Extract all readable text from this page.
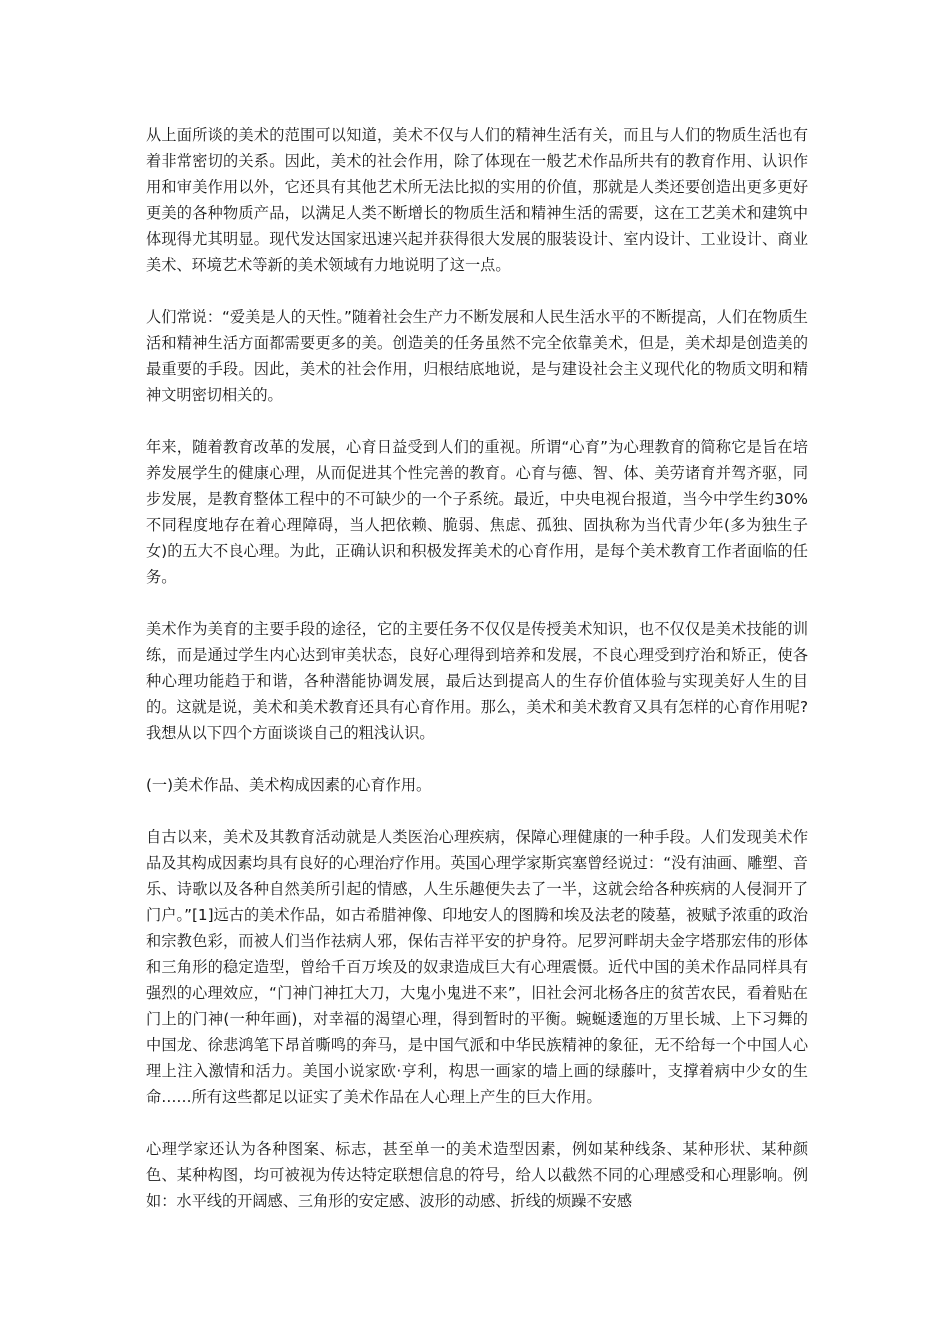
从上面所谈的美术的范围可以知道，美术不仅与人们的精神生活有关，而且与人们的物质生活也有着非常密切的关系。因此，美术的社会作用，除了体现在一般艺术作品所共有的教育作用、认识作用和审美作用以外，它还具有其他艺术所无法比拟的实用的价值，那就是人类还要创造出更多更好更美的各种物质产品，以满足人类不断增长的物质生活和精神生活的需要，这在工艺美术和建筑中体现得尤其明显。现代发达国家迅速兴起并获得很大发展的服装设计、室内设计、工业设计、商业美术、环境艺术等新的美术领域有力地说明了这一点。

人们常说：“爱美是人的天性。”随着社会生产力不断发展和人民生活水平的不断提高，人们在物质生活和精神生活方面都需要更多的美。创造美的任务虽然不完全依靠美术，但是，美术却是创造美的最重要的手段。因此，美术的社会作用，归根结底地说，是与建设社会主义现代化的物质文明和精神文明密切相关的。

年来，随着教育改革的发展，心育日益受到人们的重视。所谓“心育”为心理教育的简称它是旨在培养发展学生的健康心理，从而促进其个性完善的教育。心育与德、智、体、美劳诸育并驾齐驱，同步发展，是教育整体工程中的不可缺少的一个子系统。最近，中央电视台报道，当今中学生约30%不同程度地存在着心理障碍，当人把依赖、脆弱、焦虑、孤独、固执称为当代青少年(多为独生子女)的五大不良心理。为此，正确认识和积极发挥美术的心育作用，是每个美术教育工作者面临的任务。

美术作为美育的主要手段的途径，它的主要任务不仅仅是传授美术知识，也不仅仅是美术技能的训练，而是通过学生内心达到审美状态，良好心理得到培养和发展，不良心理受到疗治和矫正，使各种心理功能趋于和谐，各种潜能协调发展，最后达到提高人的生存价值体验与实现美好人生的目的。这就是说，美术和美术教育还具有心育作用。那么，美术和美术教育又具有怎样的心育作用呢?我想从以下四个方面谈谈自己的粗浅认识。

(一)美术作品、美术构成因素的心育作用。

自古以来，美术及其教育活动就是人类医治心理疾病，保障心理健康的一种手段。人们发现美术作品及其构成因素均具有良好的心理治疗作用。英国心理学家斯宾塞曾经说过：“没有油画、雕塑、音乐、诗歌以及各种自然美所引起的情感，人生乐趣便失去了一半，这就会给各种疾病的人侵洞开了门户。”[1]远古的美术作品，如古希腊神像、印地安人的图腾和埃及法老的陵墓，被赋予浓重的政治和宗教色彩，而被人们当作祛病人邪，保佑吉祥平安的护身符。尼罗河畔胡夫金字塔那宏伟的形体和三角形的稳定造型，曾给千百万埃及的奴隶造成巨大有心理震慑。近代中国的美术作品同样具有强烈的心理效应，“门神门神扛大刀，大鬼小鬼进不来”，旧社会河北杨各庄的贫苦农民，看着贴在门上的门神(一种年画)，对幸福的渴望心理，得到暂时的平衡。蜿蜒逶迤的万里长城、上下习舞的中国龙、徐悲鸿笔下昂首嘶鸣的奔马，是中国气派和中华民族精神的象征，无不给每一个中国人心理上注入激情和活力。美国小说家欧·亨利，构思一画家的墙上画的绿藤叶，支撑着病中少女的生命……所有这些都足以证实了美术作品在人心理上产生的巨大作用。

心理学家还认为各种图案、标志，甚至单一的美术造型因素，例如某种线条、某种形状、某种颜色、某种构图，均可被视为传达特定联想信息的符号，给人以截然不同的心理感受和心理影响。例如：水平线的开阔感、三角形的安定感、波形的动感、折线的烦躁不安感
